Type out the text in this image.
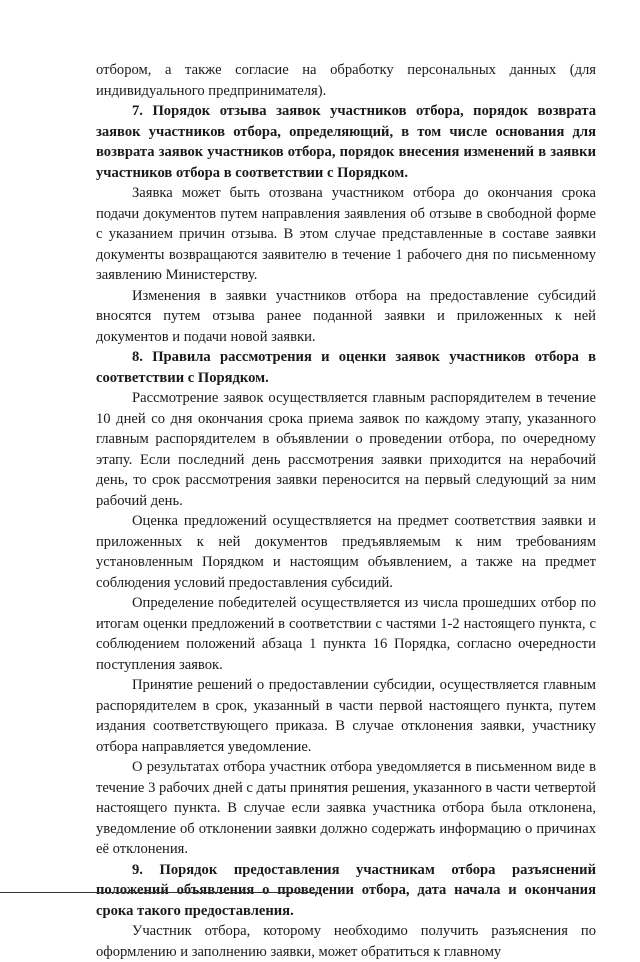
отбором, а также согласие на обработку персональных данных (для индивидуального предпринимателя).

7. Порядок отзыва заявок участников отбора, порядок возврата заявок участников отбора, определяющий, в том числе основания для возврата заявок участников отбора, порядок внесения изменений в заявки участников отбора в соответствии с Порядком.

Заявка может быть отозвана участником отбора до окончания срока подачи документов путем направления заявления об отзыве в свободной форме с указанием причин отзыва. В этом случае представленные в составе заявки документы возвращаются заявителю в течение 1 рабочего дня по письменному заявлению Министерству.

Изменения в заявки участников отбора на предоставление субсидий вносятся путем отзыва ранее поданной заявки и приложенных к ней документов и подачи новой заявки.

8. Правила рассмотрения и оценки заявок участников отбора в соответствии с Порядком.

Рассмотрение заявок осуществляется главным распорядителем в течение 10 дней со дня окончания срока приема заявок по каждому этапу, указанного главным распорядителем в объявлении о проведении отбора, по очередному этапу. Если последний день рассмотрения заявки приходится на нерабочий день, то срок рассмотрения заявки переносится на первый следующий за ним рабочий день.

Оценка предложений осуществляется на предмет соответствия заявки и приложенных к ней документов предъявляемым к ним требованиям установленным Порядком и настоящим объявлением, а также на предмет соблюдения условий предоставления субсидий.

Определение победителей осуществляется из числа прошедших отбор по итогам оценки предложений в соответствии с частями 1-2 настоящего пункта, с соблюдением положений абзаца 1 пункта 16 Порядка, согласно очередности поступления заявок.

Принятие решений о предоставлении субсидии, осуществляется главным распорядителем в срок, указанный в части первой настоящего пункта, путем издания соответствующего приказа. В случае отклонения заявки, участнику отбора направляется уведомление.

О результатах отбора участник отбора уведомляется в письменном виде в течение 3 рабочих дней с даты принятия решения, указанного в части четвертой настоящего пункта. В случае если заявка участника отбора была отклонена, уведомление об отклонении заявки должно содержать информацию о причинах её отклонения.

9. Порядок предоставления участникам отбора разъяснений положений объявления о проведении отбора, дата начала и окончания срока такого предоставления.

Участник отбора, которому необходимо получить разъяснения по оформлению и заполнению заявки, может обратиться к главному
